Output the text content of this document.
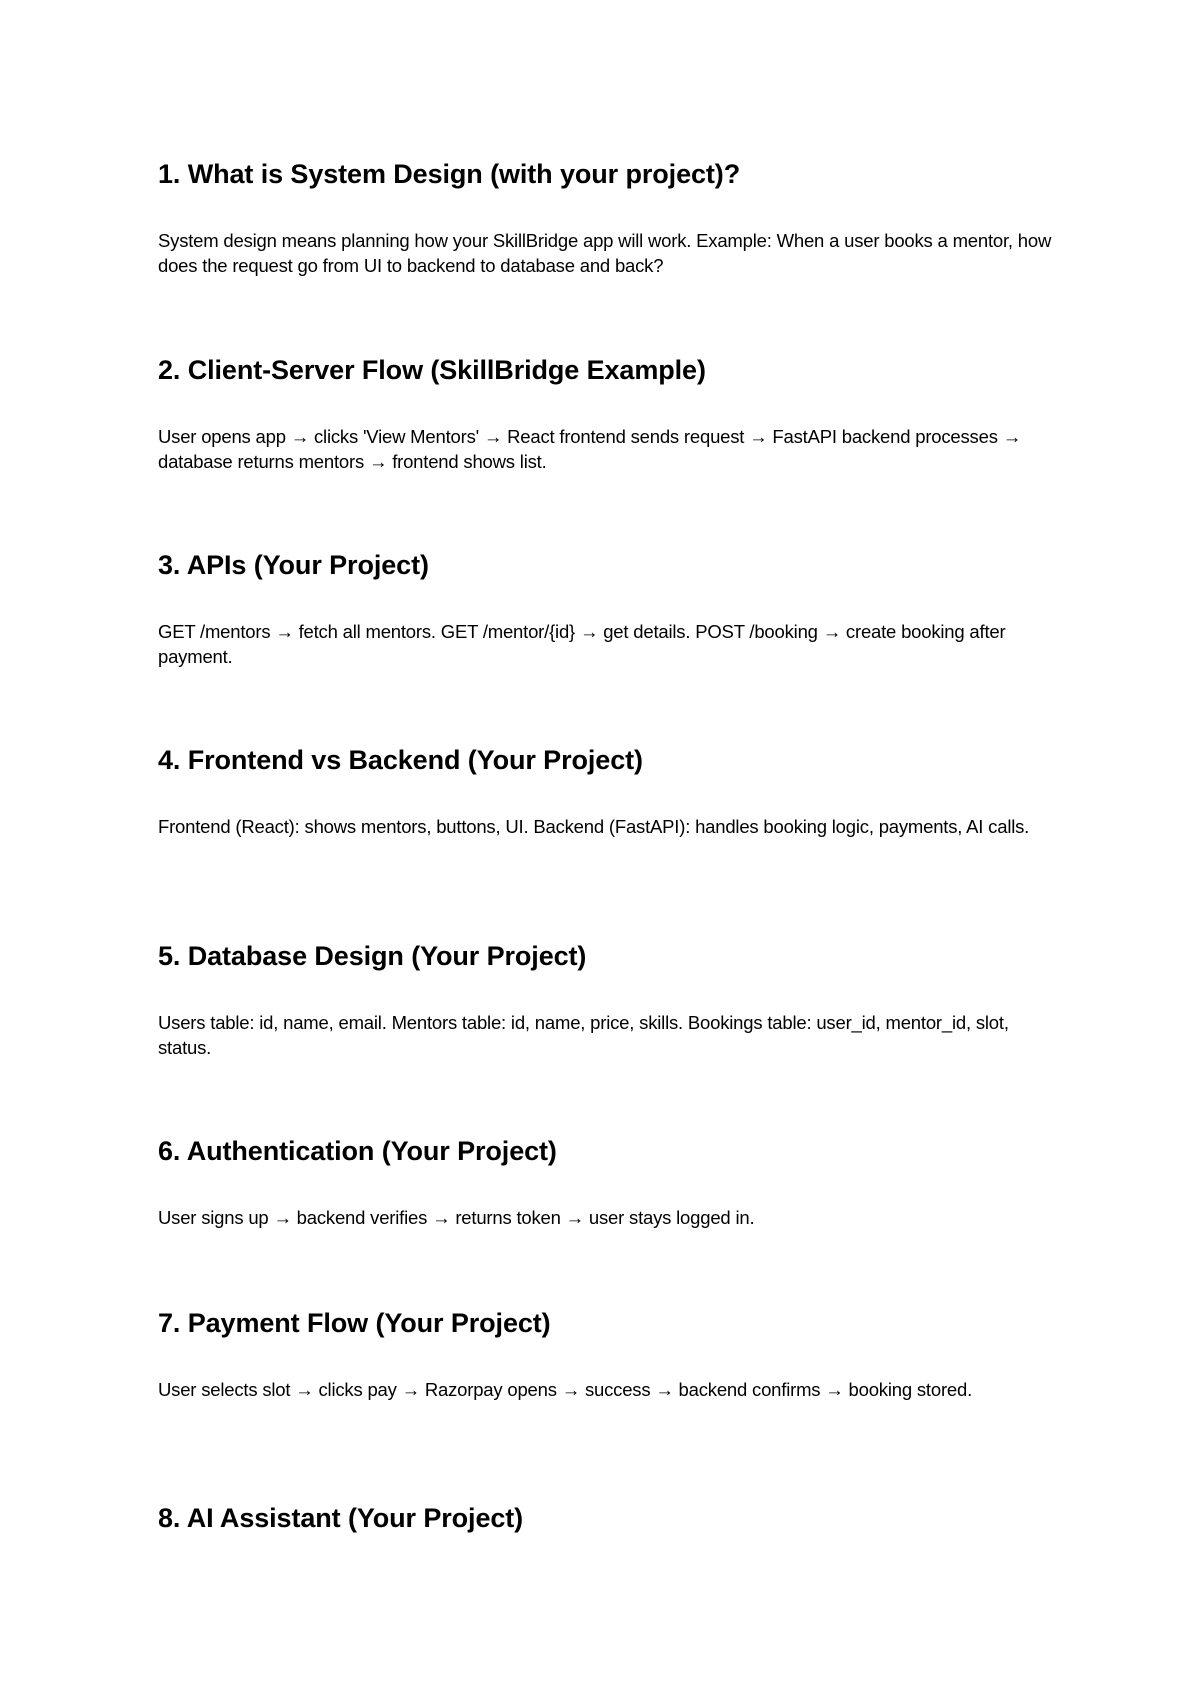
1. What is System Design (with your project)?

System design means planning how your SkillBridge app will work. Example: When a user books a mentor, how does the request go from UI to backend to database and back?

2. Client-Server Flow (SkillBridge Example)

User opens app → clicks 'View Mentors' → React frontend sends request → FastAPI backend processes → database returns mentors → frontend shows list.

3. APIs (Your Project)

GET /mentors → fetch all mentors. GET /mentor/{id} → get details. POST /booking → create booking after payment.

4. Frontend vs Backend (Your Project)

Frontend (React): shows mentors, buttons, UI. Backend (FastAPI): handles booking logic, payments, AI calls.

5. Database Design (Your Project)

Users table: id, name, email. Mentors table: id, name, price, skills. Bookings table: user_id, mentor_id, slot, status.

6. Authentication (Your Project)

User signs up → backend verifies → returns token → user stays logged in.

7. Payment Flow (Your Project)

User selects slot → clicks pay → Razorpay opens → success → backend confirms → booking stored.

8. AI Assistant (Your Project)
